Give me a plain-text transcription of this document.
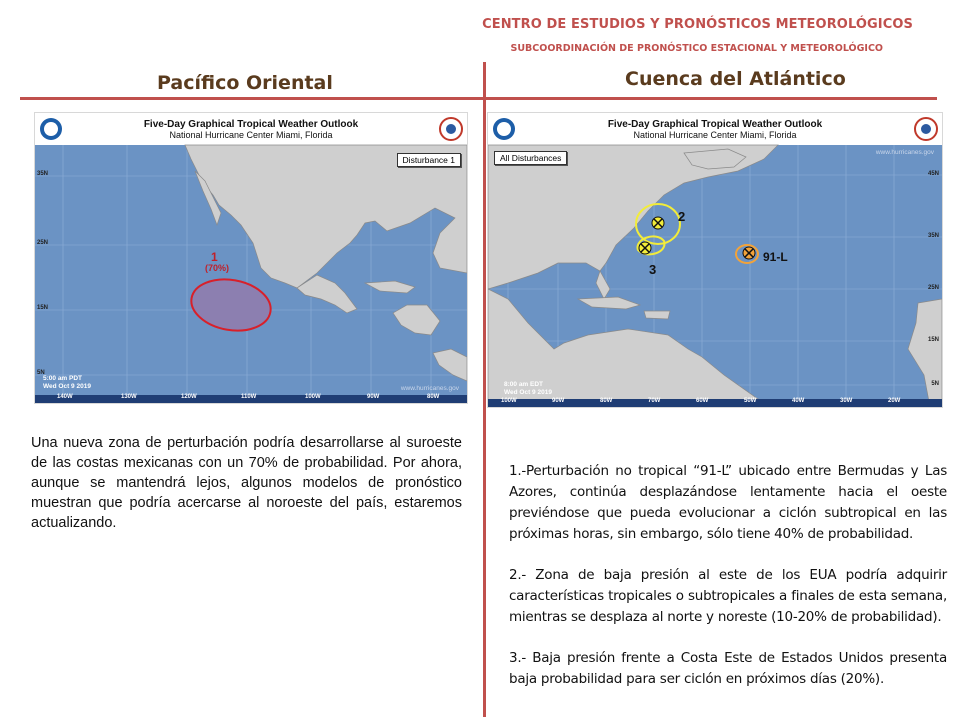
CENTRO DE ESTUDIOS Y PRONÓSTICOS METEOROLÓGICOS
SUBCOORDINACIÓN DE PRONÓSTICO ESTACIONAL Y METEOROLÓGICO
Pacífico Oriental	Cuenca del Atlántico
Five-Day Graphical Tropical Weather Outlook
National Hurricane Center Miami, Florida
Disturbance 1
1
(70%)
5:00 am PDT
Wed Oct 9 2019	www.hurricanes.gov
35N
25N
15N
5N
140W	130W	120W	110W	100W	90W	80W
Five-Day Graphical Tropical Weather Outlook
National Hurricane Center Miami, Florida
All Disturbances
2
3
91-L
8:00 am EDT
Wed Oct 9 2019
www.hurricanes.gov
45N
35N
25N
15N
5N
100W	90W	80W	70W	60W	50W	40W	30W	20W
Una nueva zona de perturbación podría desarrollarse al suroeste de las costas mexicanas con un 70% de probabilidad. Por ahora, aunque se mantendrá lejos, algunos modelos de pronóstico muestran que podría acercarse al noroeste del país, estaremos actualizando.

1.-Perturbación no tropical “91-L” ubicado entre Bermudas y Las Azores, continúa desplazándose lentamente hacia el oeste previéndose que pueda evolucionar a ciclón subtropical en las próximas horas, sin embargo, sólo tiene 40% de probabilidad.

2.- Zona de baja presión al este de los EUA podría adquirir características tropicales o subtropicales a finales de esta semana, mientras se desplaza al norte y noreste (10-20% de probabilidad).

3.- Baja presión frente a Costa Este de Estados Unidos presenta baja probabilidad para ser ciclón en próximos días (20%).
